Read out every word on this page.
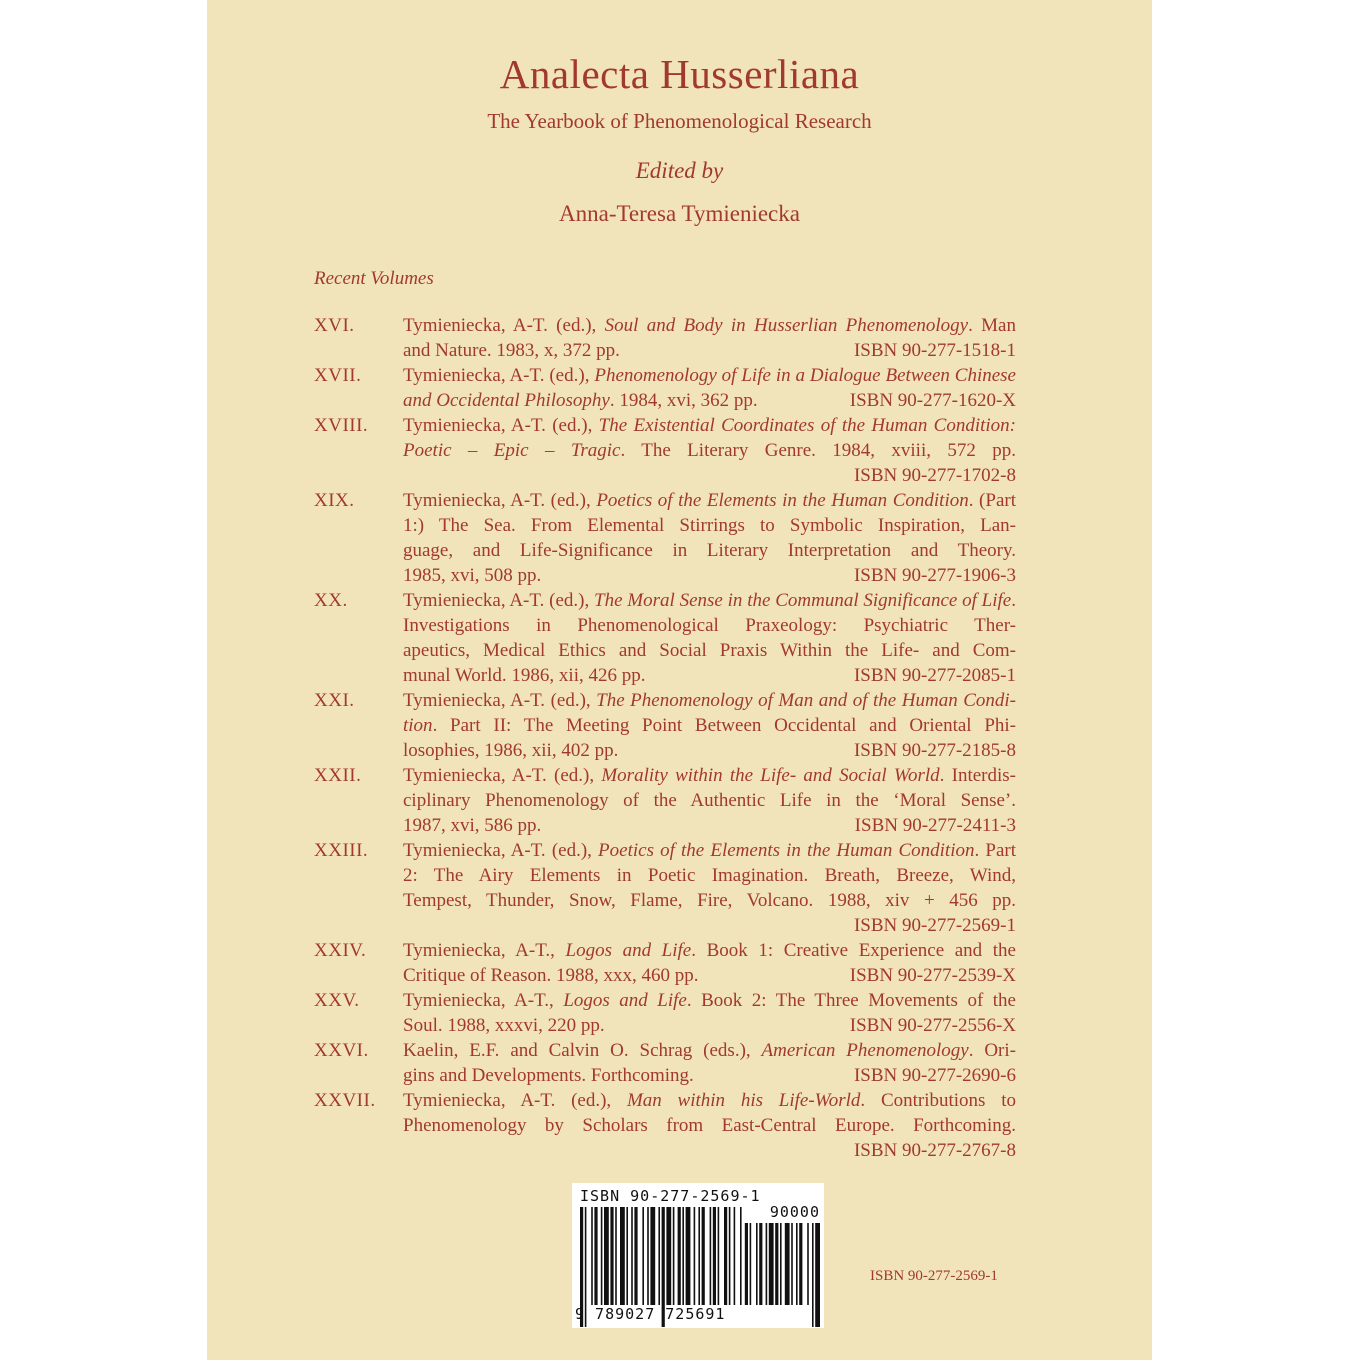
Analecta Husserliana
The Yearbook of Phenomenological Research
Edited by
Anna-Teresa Tymieniecka
Recent Volumes
XVI.	Tymieniecka, A-T. (ed.), Soul and Body in Husserlian Phenomenology. Man
and Nature. 1983, x, 372 pp.	ISBN 90-277-1518-1
XVII.	Tymieniecka, A-T. (ed.), Phenomenology of Life in a Dialogue Between Chinese
and Occidental Philosophy. 1984, xvi, 362 pp.	ISBN 90-277-1620-X
XVIII.	Tymieniecka, A-T. (ed.), The Existential Coordinates of the Human Condition:
Poetic – Epic – Tragic. The Literary Genre. 1984, xviii, 572 pp.
ISBN 90-277-1702-8
XIX.	Tymieniecka, A-T. (ed.), Poetics of the Elements in the Human Condition. (Part
1:) The Sea. From Elemental Stirrings to Symbolic Inspiration, Lan-
guage, and Life-Significance in Literary Interpretation and Theory.
1985, xvi, 508 pp.	ISBN 90-277-1906-3
XX.	Tymieniecka, A-T. (ed.), The Moral Sense in the Communal Significance of Life.
Investigations in Phenomenological Praxeology: Psychiatric Ther-
apeutics, Medical Ethics and Social Praxis Within the Life- and Com-
munal World. 1986, xii, 426 pp.	ISBN 90-277-2085-1
XXI.	Tymieniecka, A-T. (ed.), The Phenomenology of Man and of the Human Condi-
tion. Part II: The Meeting Point Between Occidental and Oriental Phi-
losophies, 1986, xii, 402 pp.	ISBN 90-277-2185-8
XXII.	Tymieniecka, A-T. (ed.), Morality within the Life- and Social World. Interdis-
ciplinary Phenomenology of the Authentic Life in the ‘Moral Sense’.
1987, xvi, 586 pp.	ISBN 90-277-2411-3
XXIII.	Tymieniecka, A-T. (ed.), Poetics of the Elements in the Human Condition. Part
2: The Airy Elements in Poetic Imagination. Breath, Breeze, Wind,
Tempest, Thunder, Snow, Flame, Fire, Volcano. 1988, xiv + 456 pp.
ISBN 90-277-2569-1
XXIV.	Tymieniecka, A-T., Logos and Life. Book 1: Creative Experience and the
Critique of Reason. 1988, xxx, 460 pp.	ISBN 90-277-2539-X
XXV.	Tymieniecka, A-T., Logos and Life. Book 2: The Three Movements of the
Soul. 1988, xxxvi, 220 pp.	ISBN 90-277-2556-X
XXVI.	Kaelin, E.F. and Calvin O. Schrag (eds.), American Phenomenology. Ori-
gins and Developments. Forthcoming.	ISBN 90-277-2690-6
XXVII.	Tymieniecka, A-T. (ed.), Man within his Life-World. Contributions to
Phenomenology by Scholars from East-Central Europe. Forthcoming.
ISBN 90-277-2767-8
ISBN 90-277-2569-1
90000
9 789027 725691
ISBN 90-277-2569-1
